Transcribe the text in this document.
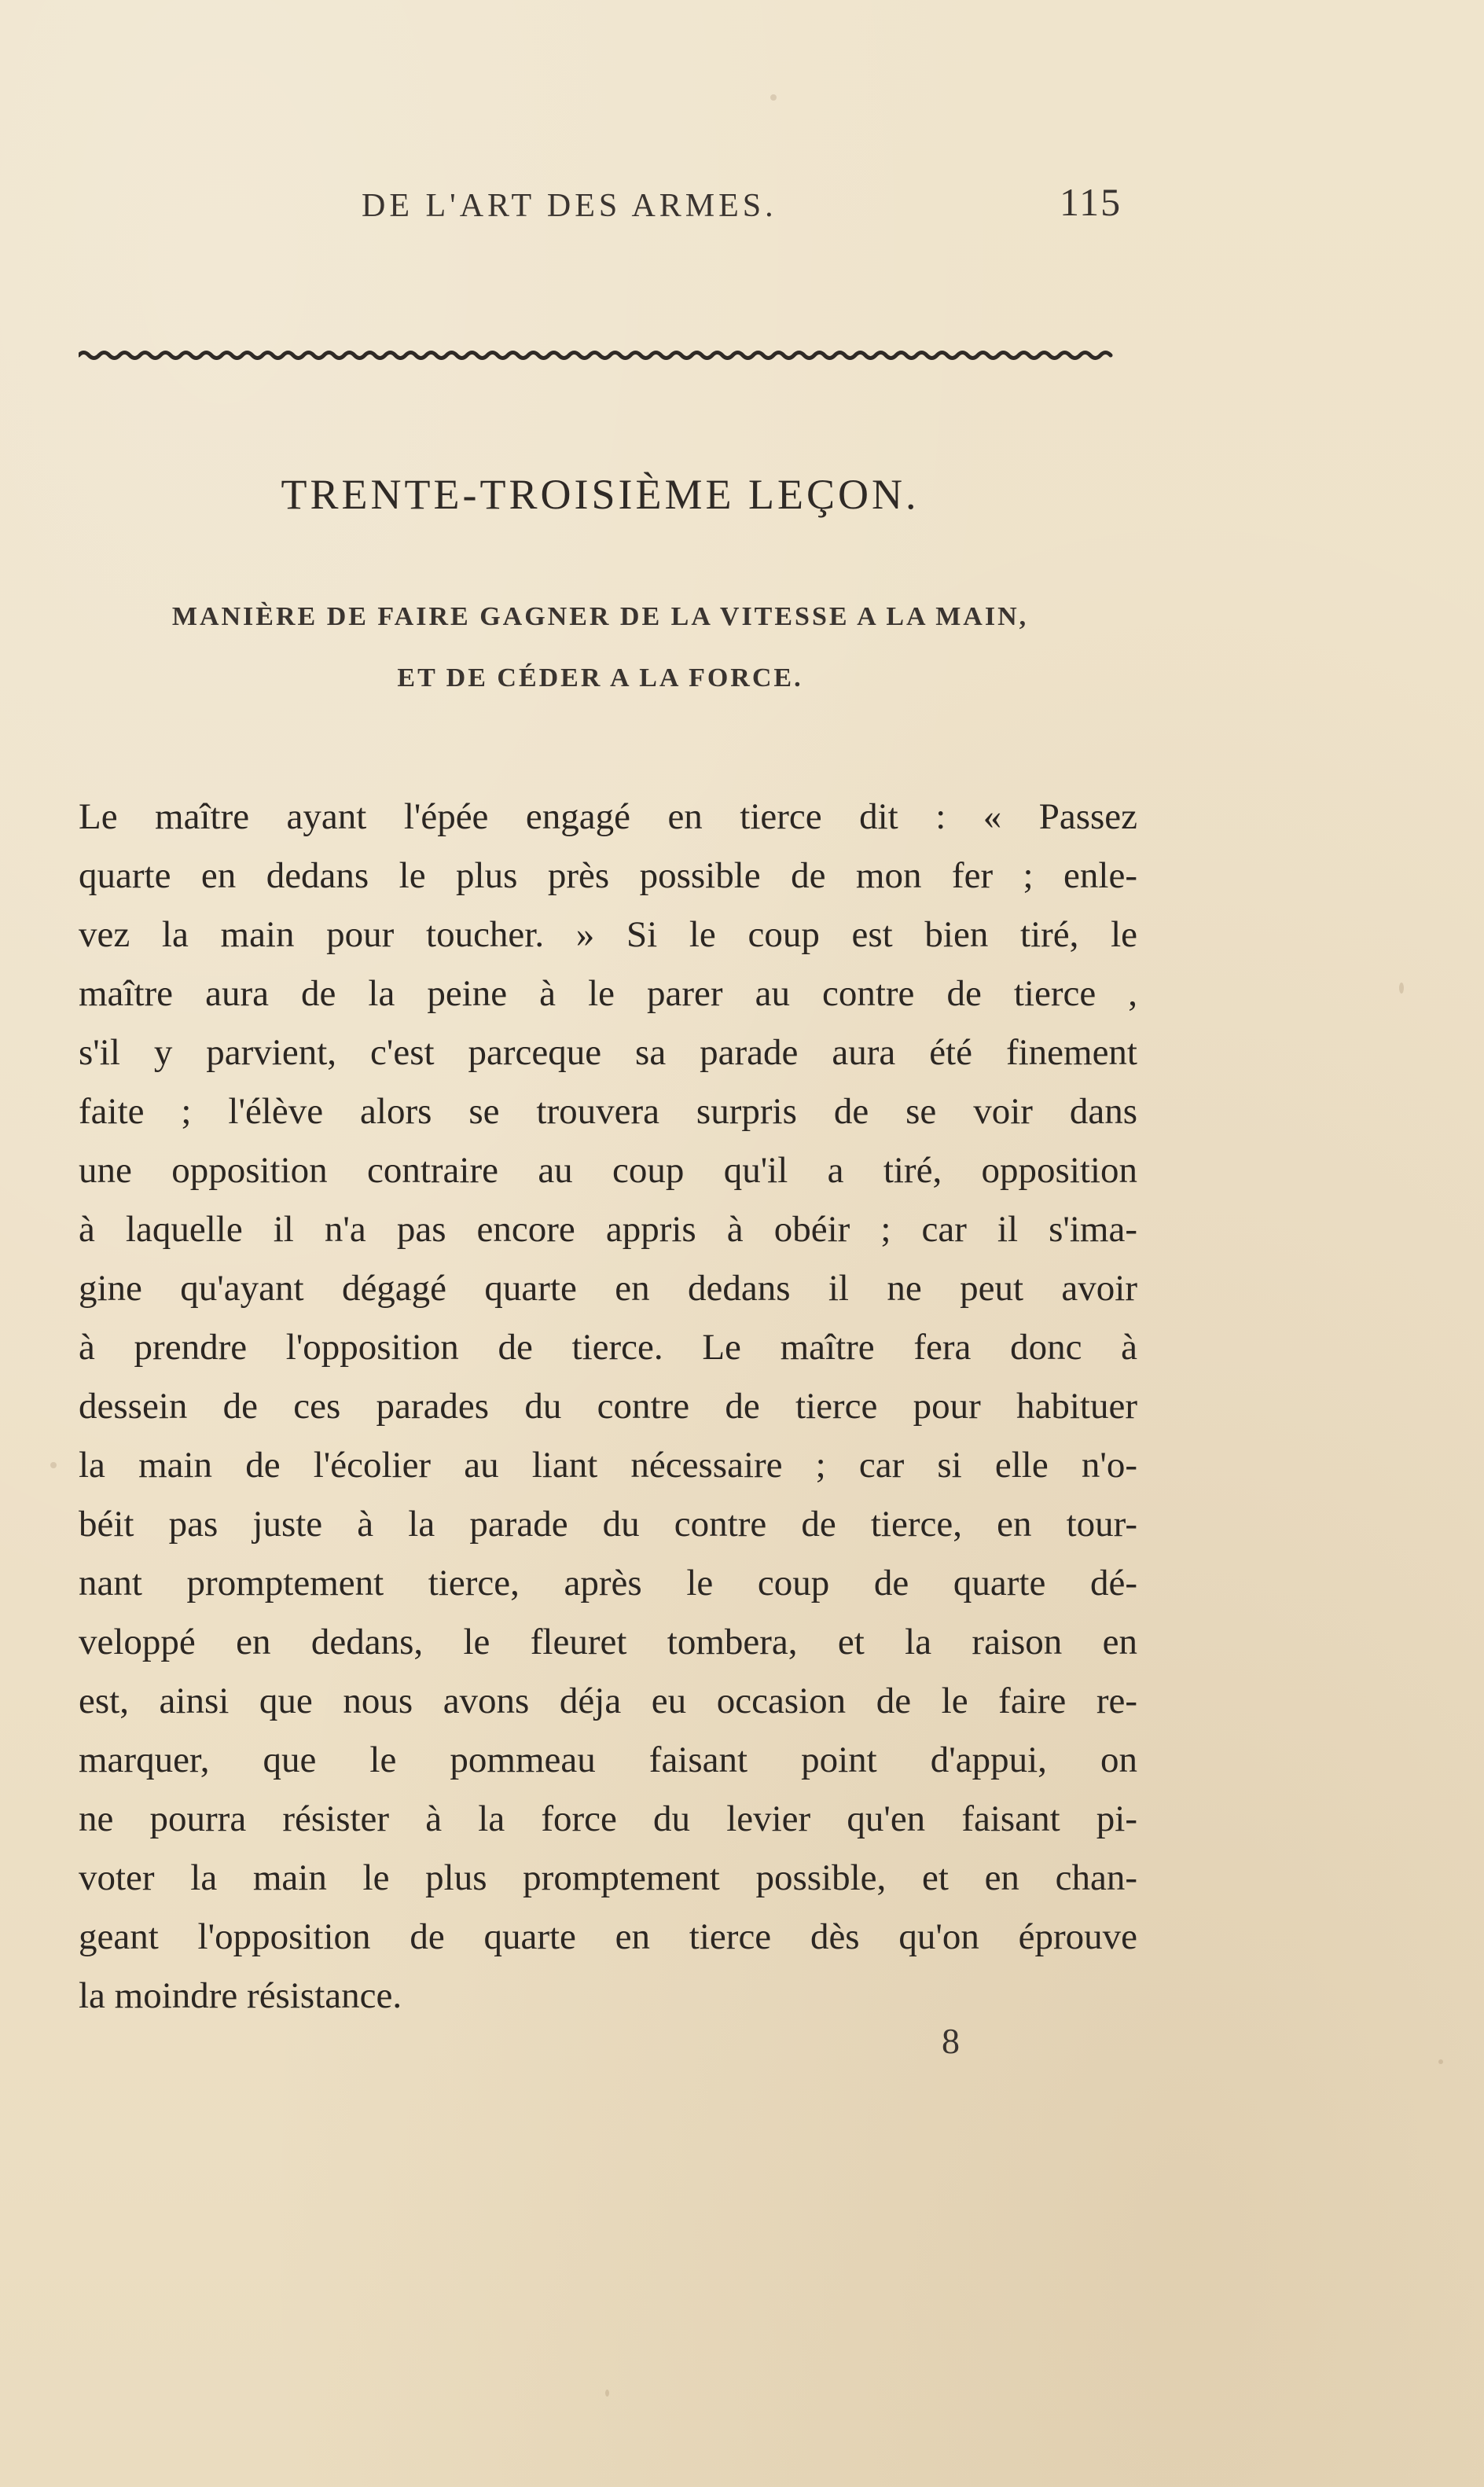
DE L'ART DES ARMES.	115
TRENTE-TROISIÈME LEÇON.
MANIÈRE DE FAIRE GAGNER DE LA VITESSE A LA MAIN,
ET DE CÉDER A LA FORCE.
Le maître ayant l'épée engagé en tierce dit : « Passez
quarte en dedans le plus près possible de mon fer ; enle-
vez la main pour toucher. » Si le coup est bien tiré, le
maître aura de la peine à le parer au contre de tierce ,
s'il y parvient, c'est parceque sa parade aura été finement
faite ; l'élève alors se trouvera surpris de se voir dans
une opposition contraire au coup qu'il a tiré, opposition
à laquelle il n'a pas encore appris à obéir ; car il s'ima-
gine qu'ayant dégagé quarte en dedans il ne peut avoir
à prendre l'opposition de tierce. Le maître fera donc à
dessein de ces parades du contre de tierce pour habituer
la main de l'écolier au liant nécessaire ; car si elle n'o-
béit pas juste à la parade du contre de tierce, en tour-
nant promptement tierce, après le coup de quarte dé-
veloppé en dedans, le fleuret tombera, et la raison en
est, ainsi que nous avons déja eu occasion de le faire re-
marquer, que le pommeau faisant point d'appui, on
ne pourra résister à la force du levier qu'en faisant pi-
voter la main le plus promptement possible, et en chan-
geant l'opposition de quarte en tierce dès qu'on éprouve
la moindre résistance.
8
